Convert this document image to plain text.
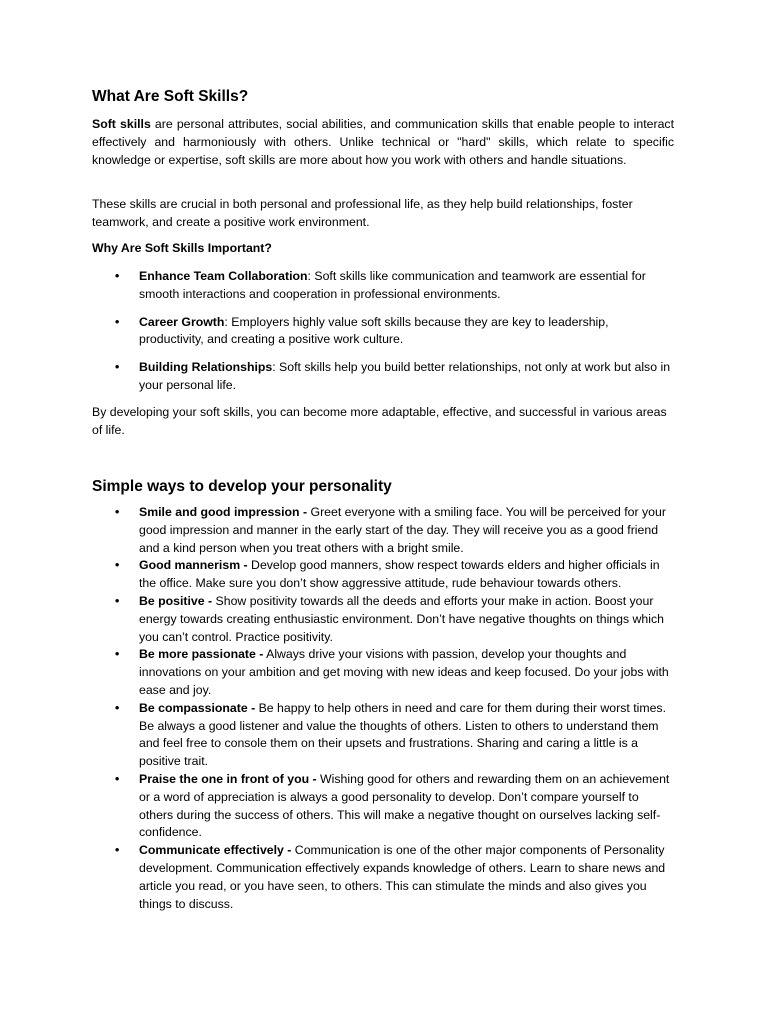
What Are Soft Skills?

Soft skills are personal attributes, social abilities, and communication skills that enable people to interact effectively and harmoniously with others. Unlike technical or "hard" skills, which relate to specific knowledge or expertise, soft skills are more about how you work with others and handle situations.

These skills are crucial in both personal and professional life, as they help build relationships, foster teamwork, and create a positive work environment.

Why Are Soft Skills Important?

• Enhance Team Collaboration: Soft skills like communication and teamwork are essential for smooth interactions and cooperation in professional environments.
• Career Growth: Employers highly value soft skills because they are key to leadership, productivity, and creating a positive work culture.
• Building Relationships: Soft skills help you build better relationships, not only at work but also in your personal life.

By developing your soft skills, you can become more adaptable, effective, and successful in various areas of life.

Simple ways to develop your personality
• Smile and good impression - Greet everyone with a smiling face. You will be perceived for your good impression and manner in the early start of the day. They will receive you as a good friend and a kind person when you treat others with a bright smile.
• Good mannerism - Develop good manners, show respect towards elders and higher officials in the office. Make sure you don’t show aggressive attitude, rude behaviour towards others.
• Be positive - Show positivity towards all the deeds and efforts your make in action. Boost your energy towards creating enthusiastic environment. Don’t have negative thoughts on things which you can’t control. Practice positivity.
• Be more passionate - Always drive your visions with passion, develop your thoughts and innovations on your ambition and get moving with new ideas and keep focused. Do your jobs with ease and joy.
• Be compassionate - Be happy to help others in need and care for them during their worst times. Be always a good listener and value the thoughts of others. Listen to others to understand them and feel free to console them on their upsets and frustrations. Sharing and caring a little is a positive trait.
• Praise the one in front of you - Wishing good for others and rewarding them on an achievement or a word of appreciation is always a good personality to develop. Don’t compare yourself to others during the success of others. This will make a negative thought on ourselves lacking self-confidence.
• Communicate effectively - Communication is one of the other major components of Personality development. Communication effectively expands knowledge of others. Learn to share news and article you read, or you have seen, to others. This can stimulate the minds and also gives you things to discuss.
